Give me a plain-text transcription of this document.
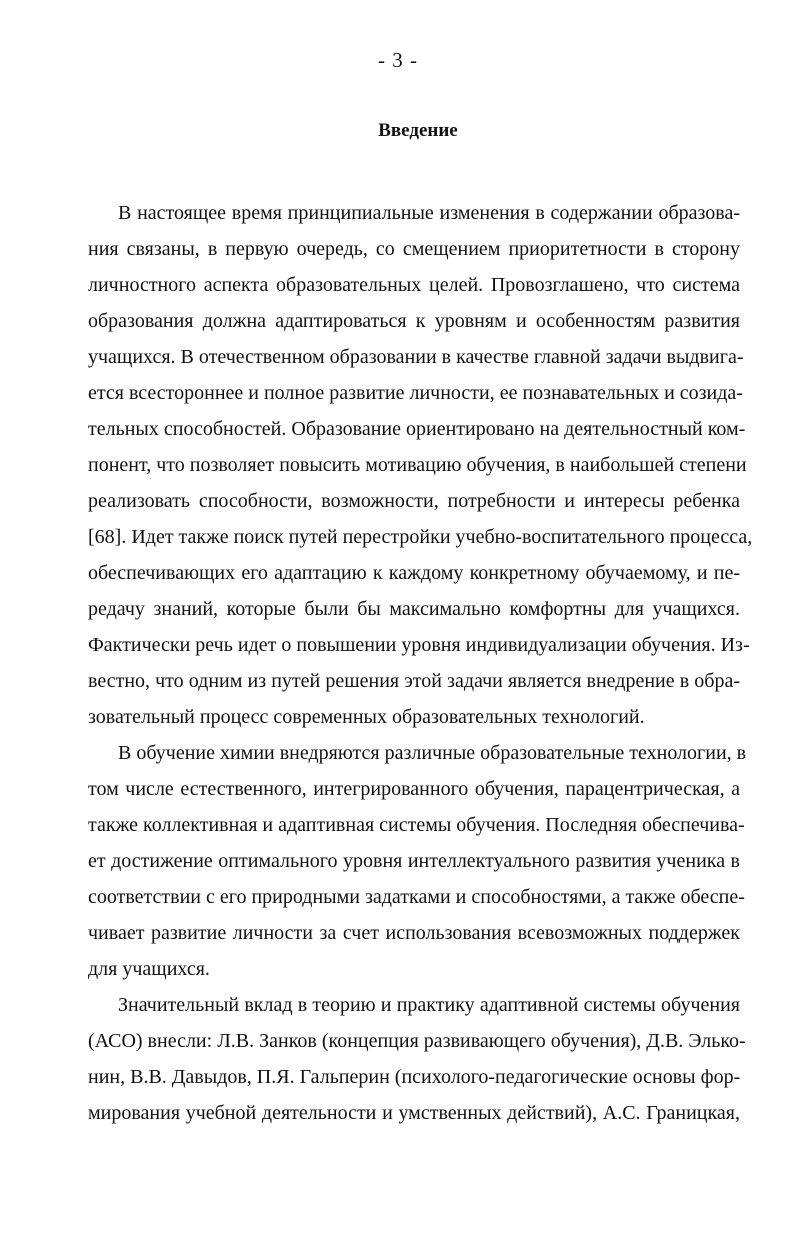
- 3 -
Введение
В настоящее время принципиальные изменения в содержании образова-
ния связаны, в первую очередь, со смещением приоритетности в сторону
личностного аспекта образовательных целей. Провозглашено, что система
образования должна адаптироваться к уровням и особенностям развития
учащихся. В отечественном образовании в качестве главной задачи выдвига-
ется всестороннее и полное развитие личности, ее познавательных и созида-
тельных способностей. Образование ориентировано на деятельностный ком-
понент, что позволяет повысить мотивацию обучения, в наибольшей степени
реализовать способности, возможности, потребности и интересы ребенка
[68]. Идет также поиск путей перестройки учебно-воспитательного процесса,
обеспечивающих его адаптацию к каждому конкретному обучаемому, и пе-
редачу знаний, которые были бы максимально комфортны для учащихся.
Фактически речь идет о повышении уровня индивидуализации обучения. Из-
вестно, что одним из путей решения этой задачи является внедрение в обра-
зовательный процесс современных образовательных технологий.
В обучение химии внедряются различные образовательные технологии, в
том числе естественного, интегрированного обучения, парацентрическая, а
также коллективная и адаптивная системы обучения. Последняя обеспечива-
ет достижение оптимального уровня интеллектуального развития ученика в
соответствии с его природными задатками и способностями, а также обеспе-
чивает развитие личности за счет использования всевозможных поддержек
для учащихся.
Значительный вклад в теорию и практику адаптивной системы обучения
(АСО) внесли: Л.В. Занков (концепция развивающего обучения), Д.В. Элько-
нин, В.В. Давыдов, П.Я. Гальперин (психолого-педагогические основы фор-
мирования учебной деятельности и умственных действий), А.С. Границкая,
